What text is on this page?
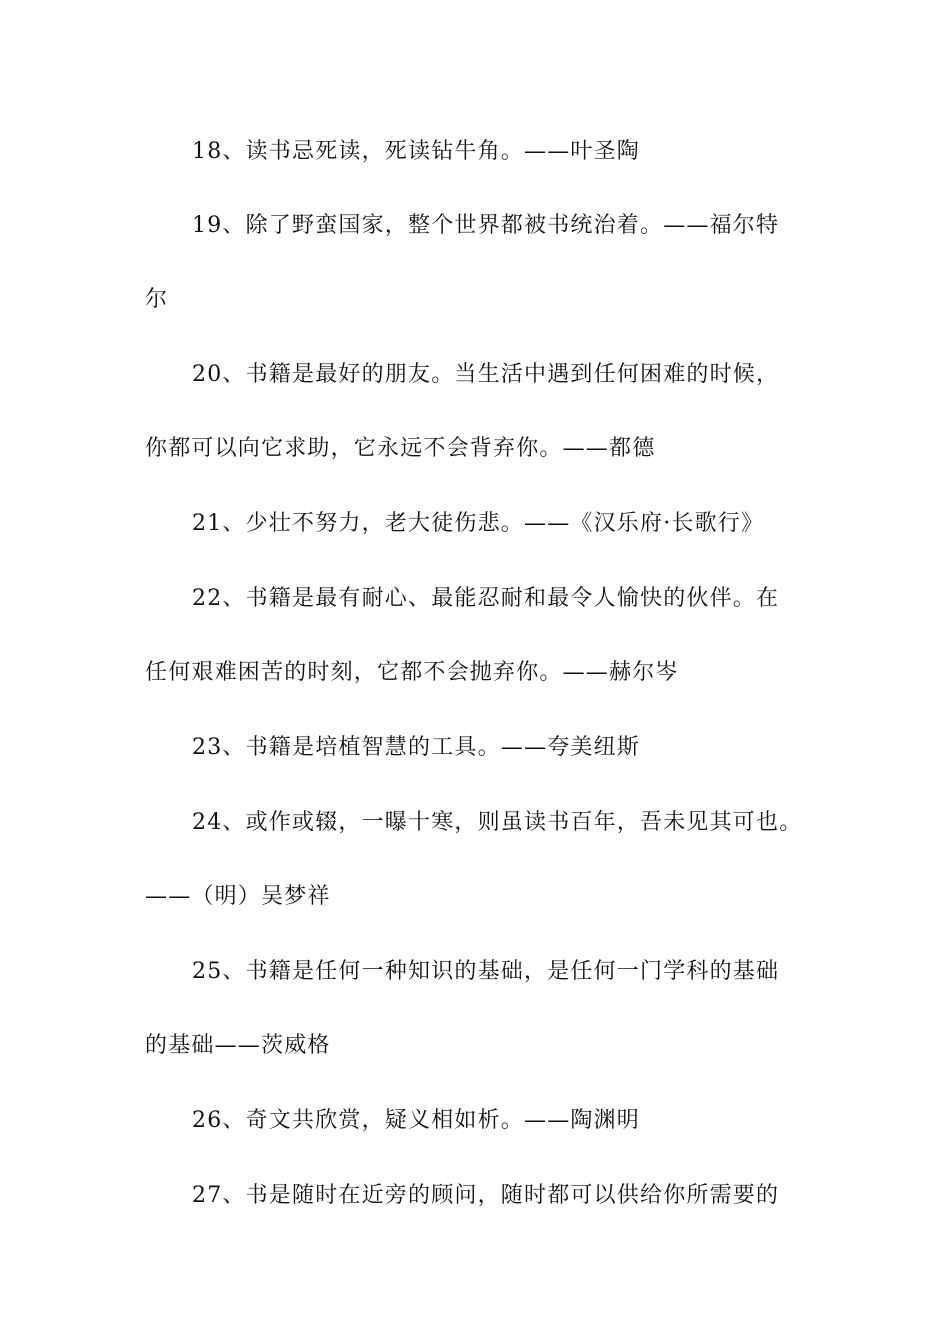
18、读书忌死读，死读钻牛角。——叶圣陶
19、除了野蛮国家，整个世界都被书统治着。——福尔特
尔
20、书籍是最好的朋友。当生活中遇到任何困难的时候，
你都可以向它求助，它永远不会背弃你。——都德
21、少壮不努力，老大徒伤悲。——《汉乐府·长歌行》
22、书籍是最有耐心、最能忍耐和最令人愉快的伙伴。在
任何艰难困苦的时刻，它都不会抛弃你。——赫尔岑
23、书籍是培植智慧的工具。——夸美纽斯
24、或作或辍，一曝十寒，则虽读书百年，吾未见其可也。
——（明）吴梦祥
25、书籍是任何一种知识的基础，是任何一门学科的基础
的基础——茨威格
26、奇文共欣赏，疑义相如析。——陶渊明
27、书是随时在近旁的顾问，随时都可以供给你所需要的
